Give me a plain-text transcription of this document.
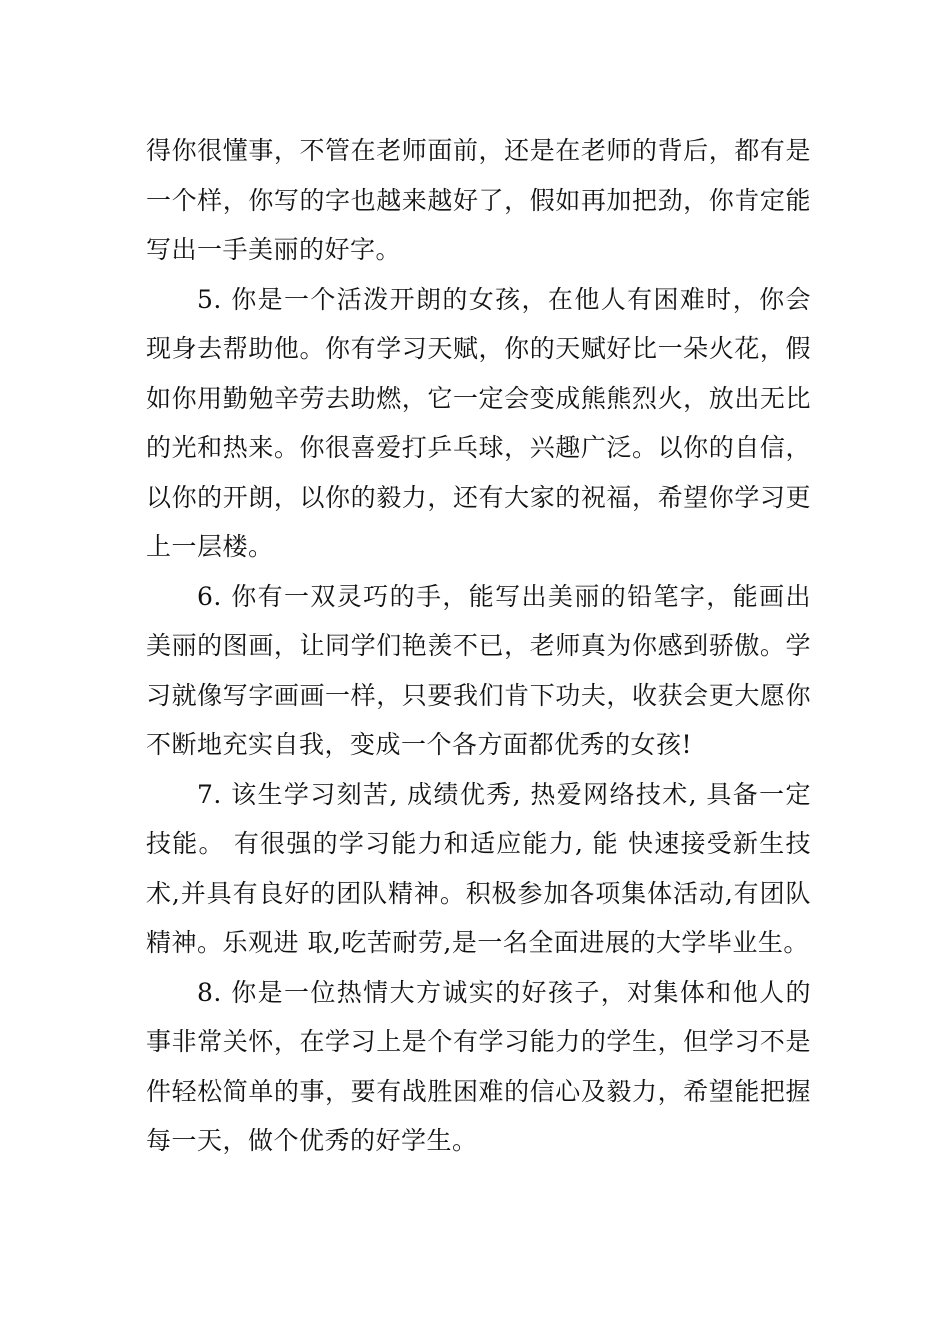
得你很懂事，不管在老师面前，还是在老师的背后，都有是一个样，你写的字也越来越好了，假如再加把劲，你肯定能写出一手美丽的好字。

5. 你是一个活泼开朗的女孩，在他人有困难时，你会现身去帮助他。你有学习天赋，你的天赋好比一朵火花，假如你用勤勉辛劳去助燃，它一定会变成熊熊烈火，放出无比的光和热来。你很喜爱打乒乓球，兴趣广泛。以你的自信，以你的开朗，以你的毅力，还有大家的祝福，希望你学习更上一层楼。

6. 你有一双灵巧的手，能写出美丽的铅笔字，能画出美丽的图画，让同学们艳羡不已，老师真为你感到骄傲。学习就像写字画画一样，只要我们肯下功夫，收获会更大愿你不断地充实自我，变成一个各方面都优秀的女孩!

7. 该生学习刻苦, 成绩优秀, 热爱网络技术, 具备一定技能。 有很强的学习能力和适应能力, 能 快速接受新生技术,并具有良好的团队精神。积极参加各项集体活动,有团队精神。乐观进 取,吃苦耐劳,是一名全面进展的大学毕业生。

8. 你是一位热情大方诚实的好孩子，对集体和他人的事非常关怀，在学习上是个有学习能力的学生，但学习不是件轻松简单的事，要有战胜困难的信心及毅力，希望能把握每一天，做个优秀的好学生。
